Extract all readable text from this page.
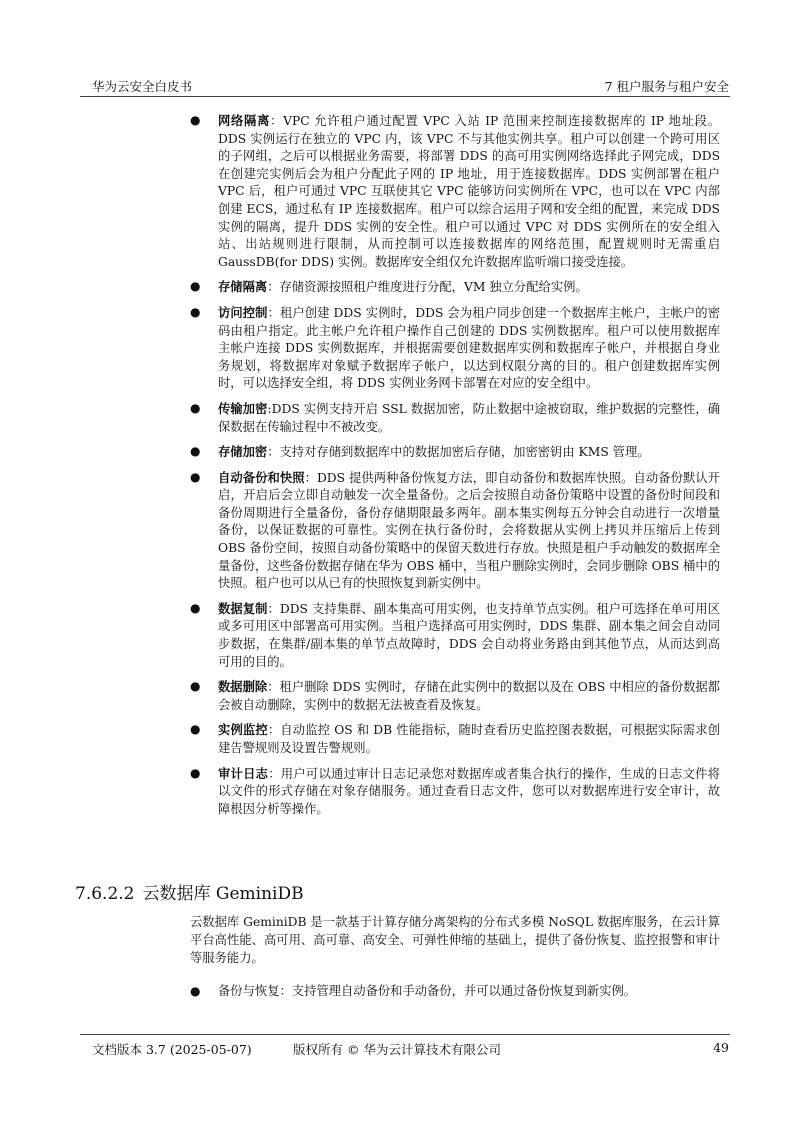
华为云安全白皮书	7 租户服务与租户安全
● 网络隔离：VPC 允许租户通过配置 VPC 入站 IP 范围来控制连接数据库的 IP 地址段。DDS 实例运行在独立的 VPC 内，该 VPC 不与其他实例共享。租户可以创建一个跨可用区的子网组，之后可以根据业务需要，将部署 DDS 的高可用实例网络选择此子网完成，DDS 在创建完实例后会为租户分配此子网的 IP 地址，用于连接数据库。DDS 实例部署在租户 VPC 后，租户可通过 VPC 互联使其它 VPC 能够访问实例所在 VPC，也可以在 VPC 内部创建 ECS，通过私有 IP 连接数据库。租户可以综合运用子网和安全组的配置，来完成 DDS 实例的隔离，提升 DDS 实例的安全性。租户可以通过 VPC 对 DDS 实例所在的安全组入站、出站规则进行限制，从而控制可以连接数据库的网络范围，配置规则时无需重启 GaussDB(for DDS) 实例。数据库安全组仅允许数据库监听端口接受连接。
● 存储隔离：存储资源按照租户维度进行分配，VM 独立分配给实例。
● 访问控制：租户创建 DDS 实例时，DDS 会为租户同步创建一个数据库主帐户，主帐户的密码由租户指定。此主帐户允许租户操作自己创建的 DDS 实例数据库。租户可以使用数据库主帐户连接 DDS 实例数据库，并根据需要创建数据库实例和数据库子帐户，并根据自身业务规划，将数据库对象赋予数据库子帐户，以达到权限分离的目的。租户创建数据库实例时，可以选择安全组，将 DDS 实例业务网卡部署在对应的安全组中。
● 传输加密:DDS 实例支持开启 SSL 数据加密，防止数据中途被窃取，维护数据的完整性，确保数据在传输过程中不被改变。
● 存储加密：支持对存储到数据库中的数据加密后存储，加密密钥由 KMS 管理。
● 自动备份和快照：DDS 提供两种备份恢复方法，即自动备份和数据库快照。自动备份默认开启，开启后会立即自动触发一次全量备份。之后会按照自动备份策略中设置的备份时间段和备份周期进行全量备份，备份存储期限最多两年。副本集实例每五分钟会自动进行一次增量备份，以保证数据的可靠性。实例在执行备份时，会将数据从实例上拷贝并压缩后上传到 OBS 备份空间，按照自动备份策略中的保留天数进行存放。快照是租户手动触发的数据库全量备份，这些备份数据存储在华为 OBS 桶中，当租户删除实例时，会同步删除 OBS 桶中的快照。租户也可以从已有的快照恢复到新实例中。
● 数据复制：DDS 支持集群、副本集高可用实例，也支持单节点实例。租户可选择在单可用区或多可用区中部署高可用实例。当租户选择高可用实例时，DDS 集群、副本集之间会自动同步数据，在集群/副本集的单节点故障时，DDS 会自动将业务路由到其他节点，从而达到高可用的目的。
● 数据删除：租户删除 DDS 实例时，存储在此实例中的数据以及在 OBS 中相应的备份数据都会被自动删除，实例中的数据无法被查看及恢复。
● 实例监控：自动监控 OS 和 DB 性能指标，随时查看历史监控图表数据，可根据实际需求创建告警规则及设置告警规则。
● 审计日志：用户可以通过审计日志记录您对数据库或者集合执行的操作，生成的日志文件将以文件的形式存储在对象存储服务。通过查看日志文件，您可以对数据库进行安全审计，故障根因分析等操作。
7.6.2.2 云数据库 GeminiDB
云数据库 GeminiDB 是一款基于计算存储分离架构的分布式多模 NoSQL 数据库服务，在云计算平台高性能、高可用、高可靠、高安全、可弹性伸缩的基础上，提供了备份恢复、监控报警和审计等服务能力。
● 备份与恢复：支持管理自动备份和手动备份，并可以通过备份恢复到新实例。
文档版本 3.7 (2025-05-07)	版权所有 © 华为云计算技术有限公司	49
